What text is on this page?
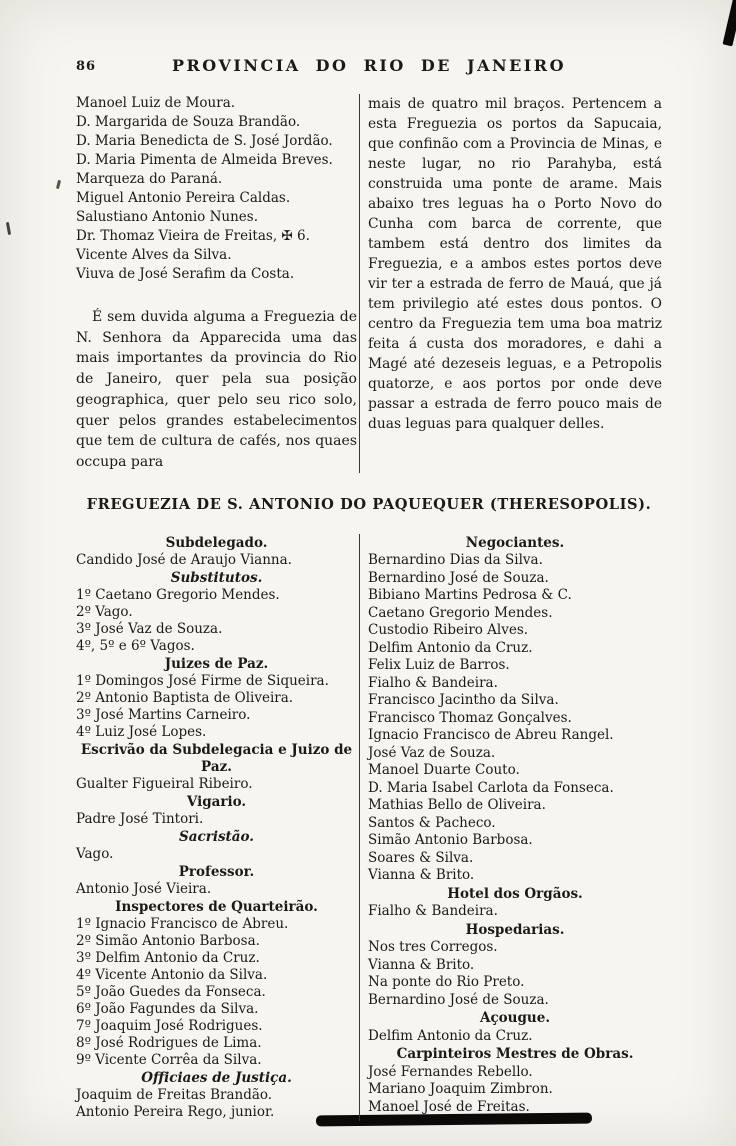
86	PROVINCIA DO RIO DE JANEIRO
Manoel Luiz de Moura.
D. Margarida de Souza Brandão.
D. Maria Benedicta de S. José Jordão.
D. Maria Pimenta de Almeida Breves.
Marqueza do Paraná.
Miguel Antonio Pereira Caldas.
Salustiano Antonio Nunes.
Dr. Thomaz Vieira de Freitas, ✠ 6.
Vicente Alves da Silva.
Viuva de José Serafim da Costa.

É sem duvida alguma a Freguezia de N. Senhora da Apparecida uma das mais importantes da provincia do Rio de Janeiro, quer pela sua posição geographica, quer pelo seu rico solo, quer pelos grandes estabelecimentos que tem de cultura de cafés, nos quaes occupa para

mais de quatro mil braços. Pertencem a esta Freguezia os portos da Sapucaia, que confinão com a Provincia de Minas, e neste lugar, no rio Parahyba, está construida uma ponte de arame. Mais abaixo tres leguas ha o Porto Novo do Cunha com barca de corrente, que tambem está dentro dos limites da Freguezia, e a ambos estes portos deve vir ter a estrada de ferro de Mauá, que já tem privilegio até estes dous pontos. O centro da Freguezia tem uma boa matriz feita á custa dos moradores, e dahi a Magé até dezeseis leguas, e a Petropolis quatorze, e aos portos por onde deve passar a estrada de ferro pouco mais de duas leguas para qualquer delles.

FREGUEZIA DE S. ANTONIO DO PAQUEQUER (THERESOPOLIS).
Subdelegado.
Candido José de Araujo Vianna.
Substitutos.
1º Caetano Gregorio Mendes.
2º Vago.
3º José Vaz de Souza.
4º, 5º e 6º Vagos.
Juizes de Paz.
1º Domingos José Firme de Siqueira.
2º Antonio Baptista de Oliveira.
3º José Martins Carneiro.
4º Luiz José Lopes.
Escrivão da Subdelegacia e Juizo de Paz.
Gualter Figueiral Ribeiro.
Vigario.
Padre José Tintori.
Sacristão.
Vago.
Professor.
Antonio José Vieira.
Inspectores de Quarteirão.
1º Ignacio Francisco de Abreu.
2º Simão Antonio Barbosa.
3º Delfim Antonio da Cruz.
4º Vicente Antonio da Silva.
5º João Guedes da Fonseca.
6º João Fagundes da Silva.
7º Joaquim José Rodrigues.
8º José Rodrigues de Lima.
9º Vicente Corrêa da Silva.
Officiaes de Justiça.
Joaquim de Freitas Brandão.
Antonio Pereira Rego, junior.
Negociantes.
Bernardino Dias da Silva.
Bernardino José de Souza.
Bibiano Martins Pedrosa & C.
Caetano Gregorio Mendes.
Custodio Ribeiro Alves.
Delfim Antonio da Cruz.
Felix Luiz de Barros.
Fialho & Bandeira.
Francisco Jacintho da Silva.
Francisco Thomaz Gonçalves.
Ignacio Francisco de Abreu Rangel.
José Vaz de Souza.
Manoel Duarte Couto.
D. Maria Isabel Carlota da Fonseca.
Mathias Bello de Oliveira.
Santos & Pacheco.
Simão Antonio Barbosa.
Soares & Silva.
Vianna & Brito.
Hotel dos Orgãos.
Fialho & Bandeira.
Hospedarias.
Nos tres Corregos.
Vianna & Brito.
Na ponte do Rio Preto.
Bernardino José de Souza.
Açougue.
Delfim Antonio da Cruz.
Carpinteiros Mestres de Obras.
José Fernandes Rebello.
Mariano Joaquim Zimbron.
Manoel José de Freitas.
